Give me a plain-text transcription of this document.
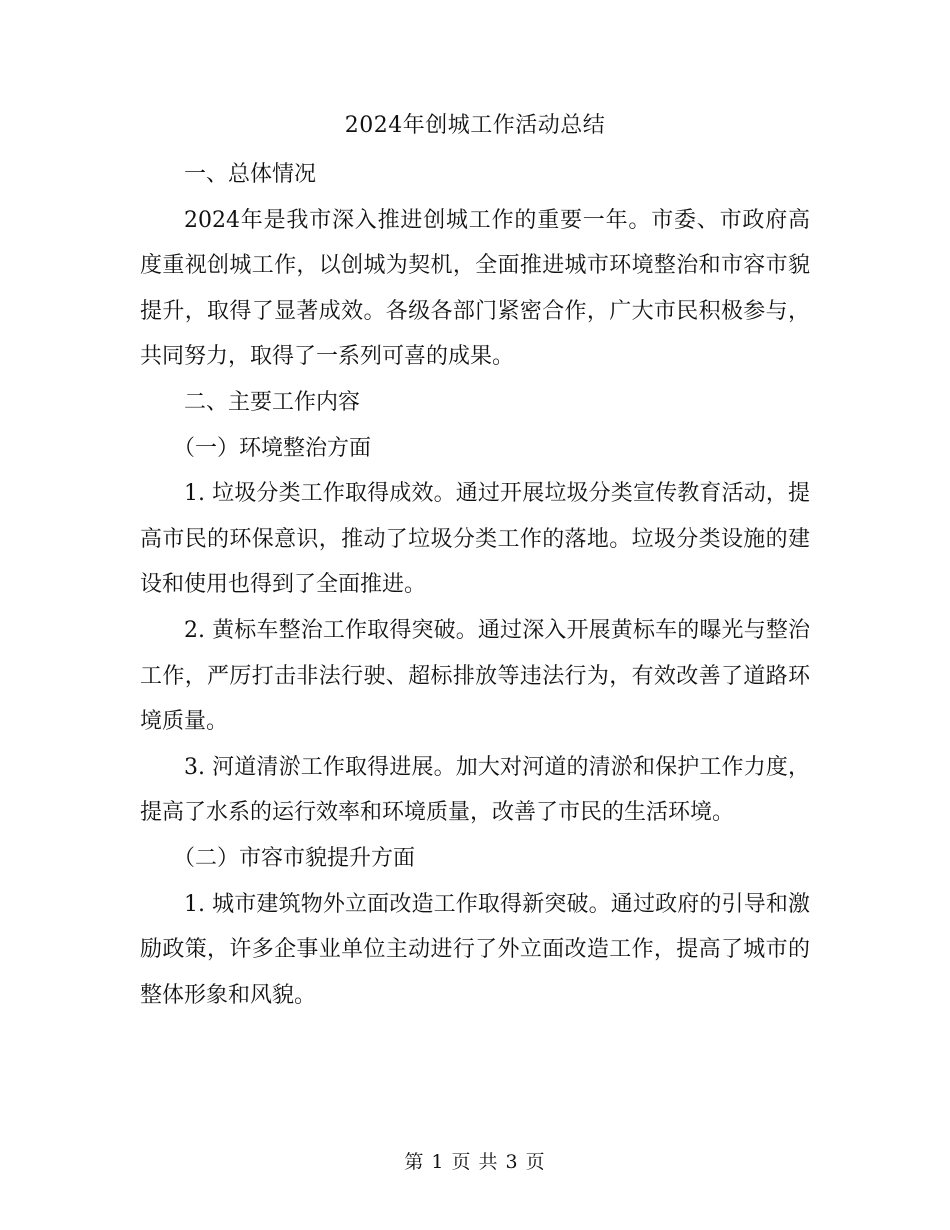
2024年创城工作活动总结

一、总体情况

2024年是我市深入推进创城工作的重要一年。市委、市政府高度重视创城工作，以创城为契机，全面推进城市环境整治和市容市貌提升，取得了显著成效。各级各部门紧密合作，广大市民积极参与，共同努力，取得了一系列可喜的成果。

二、主要工作内容

（一）环境整治方面

1. 垃圾分类工作取得成效。通过开展垃圾分类宣传教育活动，提高市民的环保意识，推动了垃圾分类工作的落地。垃圾分类设施的建设和使用也得到了全面推进。

2. 黄标车整治工作取得突破。通过深入开展黄标车的曝光与整治工作，严厉打击非法行驶、超标排放等违法行为，有效改善了道路环境质量。

3. 河道清淤工作取得进展。加大对河道的清淤和保护工作力度，提高了水系的运行效率和环境质量，改善了市民的生活环境。

（二）市容市貌提升方面

1. 城市建筑物外立面改造工作取得新突破。通过政府的引导和激励政策，许多企事业单位主动进行了外立面改造工作，提高了城市的整体形象和风貌。

第 1 页 共 3 页
